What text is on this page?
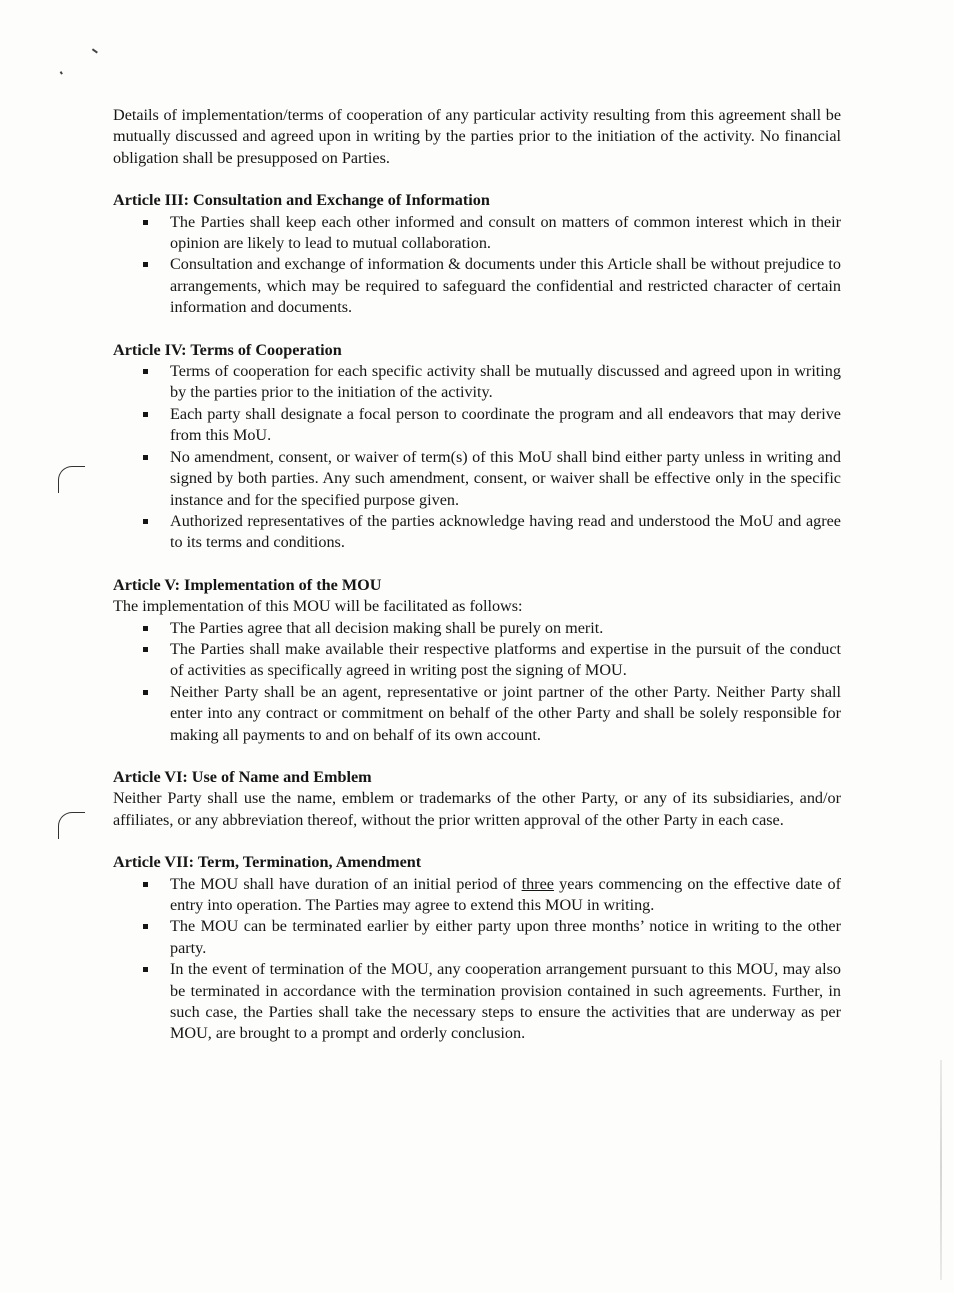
Details of implementation/terms of cooperation of any particular activity resulting from this agreement shall be mutually discussed and agreed upon in writing by the parties prior to the initiation of the activity. No financial obligation shall be presupposed on Parties.

Article III: Consultation and Exchange of Information
The Parties shall keep each other informed and consult on matters of common interest which in their opinion are likely to lead to mutual collaboration.
Consultation and exchange of information & documents under this Article shall be without prejudice to arrangements, which may be required to safeguard the confidential and restricted character of certain information and documents.
Article IV: Terms of Cooperation
Terms of cooperation for each specific activity shall be mutually discussed and agreed upon in writing by the parties prior to the initiation of the activity.
Each party shall designate a focal person to coordinate the program and all endeavors that may derive from this MoU.
No amendment, consent, or waiver of term(s) of this MoU shall bind either party unless in writing and signed by both parties. Any such amendment, consent, or waiver shall be effective only in the specific instance and for the specified purpose given.
Authorized representatives of the parties acknowledge having read and understood the MoU and agree to its terms and conditions.
Article V: Implementation of the MOU

The implementation of this MOU will be facilitated as follows:

The Parties agree that all decision making shall be purely on merit.
The Parties shall make available their respective platforms and expertise in the pursuit of the conduct of activities as specifically agreed in writing post the signing of MOU.
Neither Party shall be an agent, representative or joint partner of the other Party. Neither Party shall enter into any contract or commitment on behalf of the other Party and shall be solely responsible for making all payments to and on behalf of its own account.
Article VI: Use of Name and Emblem

Neither Party shall use the name, emblem or trademarks of the other Party, or any of its subsidiaries, and/or affiliates, or any abbreviation thereof, without the prior written approval of the other Party in each case.

Article VII: Term, Termination, Amendment
The MOU shall have duration of an initial period of three years commencing on the effective date of entry into operation. The Parties may agree to extend this MOU in writing.
The MOU can be terminated earlier by either party upon three months’ notice in writing to the other party.
In the event of termination of the MOU, any cooperation arrangement pursuant to this MOU, may also be terminated in accordance with the termination provision contained in such agreements. Further, in such case, the Parties shall take the necessary steps to ensure the activities that are underway as per MOU, are brought to a prompt and orderly conclusion.
